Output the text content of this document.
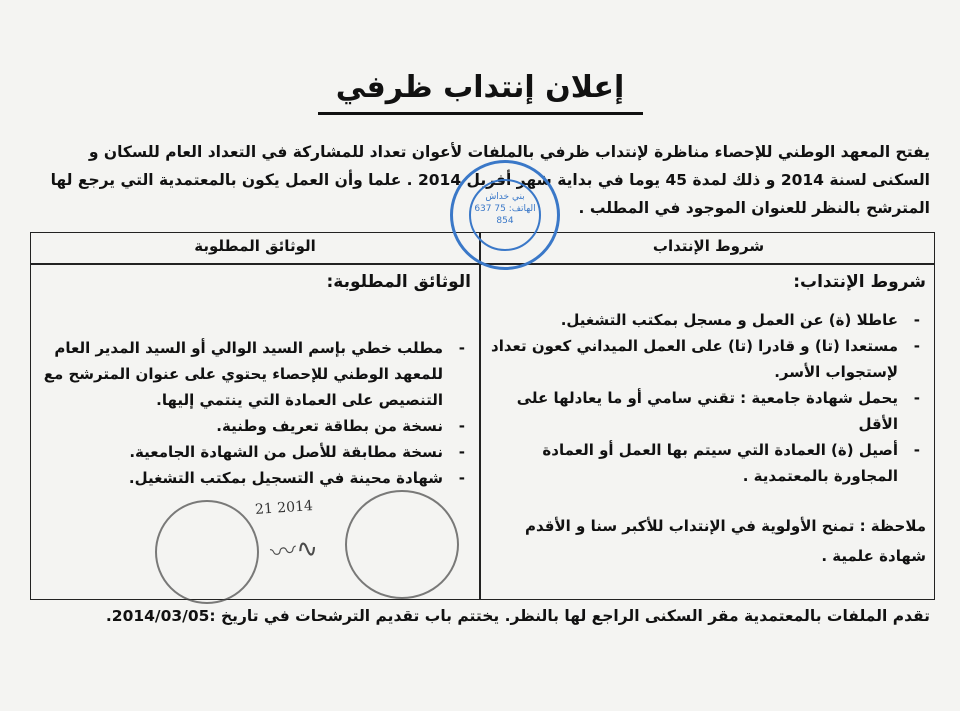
إعلان إنتداب ظرفي

يفتح المعهد الوطني للإحصاء مناظرة لإنتداب ظرفي بالملفات لأعوان تعداد للمشاركة في التعداد العام للسكان و

السكنى لسنة 2014 و ذلك لمدة 45 يوما في بداية شهر أفريل 2014 . علما وأن العمل يكون بالمعتمدية التي يرجع لها

المترشح بالنظر للعنوان الموجود في المطلب .

شروط الإنتداب
الوثائق المطلوبة
شروط الإنتداب:
- عاطلا (ة) عن العمل و مسجل بمكتب التشغيل.
- مستعدا (تا) و قادرا (تا) على العمل الميداني كعون تعداد لإستجواب الأسر.
- يحمل شهادة جامعية : تقني سامي أو ما يعادلها على الأقل
- أصيل (ة) العمادة التي سيتم بها العمل أو العمادة المجاورة بالمعتمدية .
ملاحظة : تمنح الأولوية في الإنتداب للأكبر سنا و الأقدم شهادة علمية .
الوثائق المطلوبة:
- مطلب خطي بإسم السيد الوالي أو السيد المدير العام للمعهد الوطني للإحصاء يحتوي على عنوان المترشح مع التنصيص على العمادة التي ينتمي إليها.
- نسخة من بطاقة تعريف وطنية.
- نسخة مطابقة للأصل من الشهادة الجامعية.
- شهادة محينة في التسجيل بمكتب التشغيل.
بني خداش الهاتف: 75 637 854
21 2014
〰∿
تقدم الملفات بالمعتمدية مقر السكنى الراجع لها بالنظر. يختتم باب تقديم الترشحات في تاريخ :2014/03/05.
